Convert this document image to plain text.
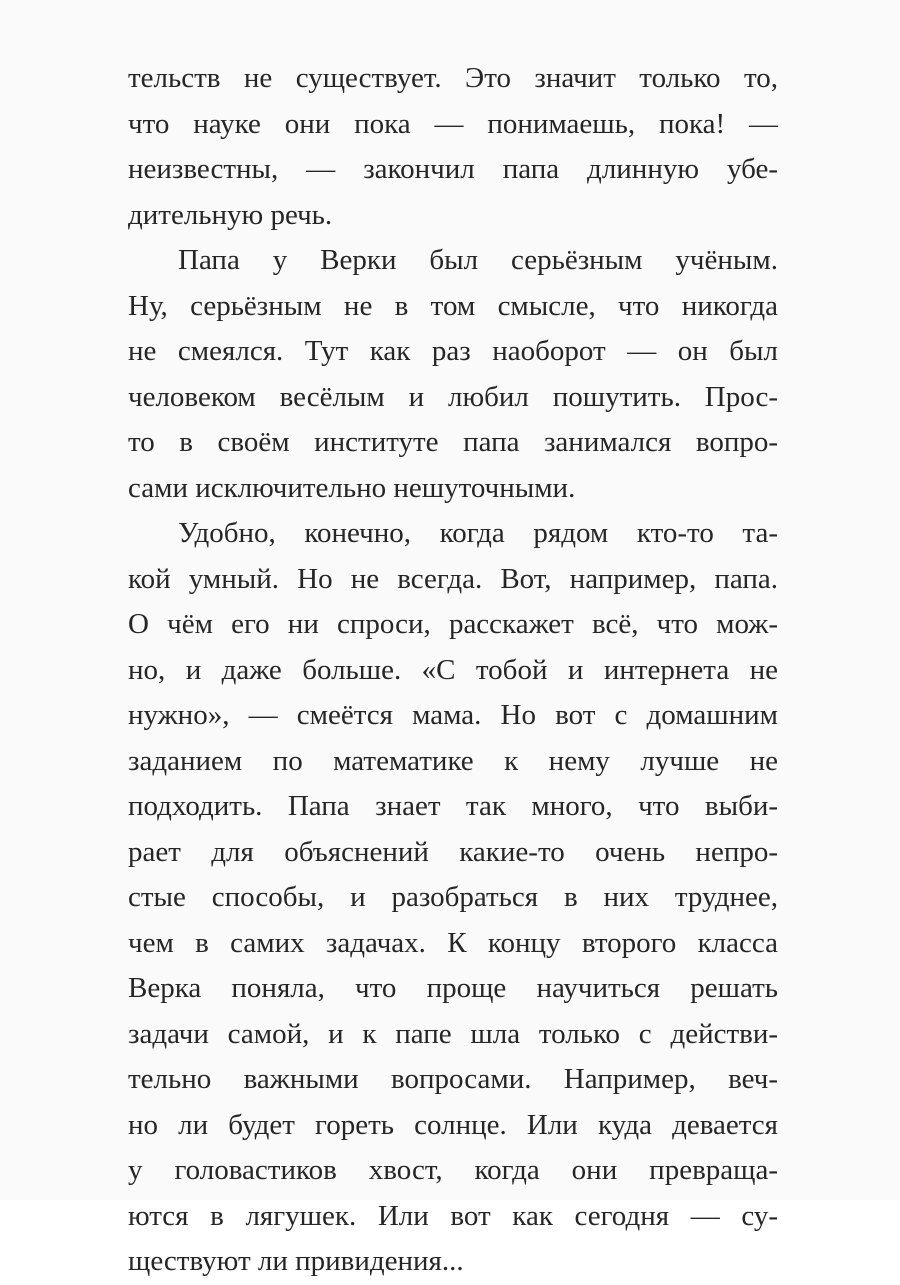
тельств не существует. Это значит только то,
что науке они пока — понимаешь, пока! —
неизвестны, — закончил папа длинную убе-
дительную речь.
Папа у Верки был серьёзным учёным.
Ну, серьёзным не в том смысле, что никогда
не смеялся. Тут как раз наоборот — он был
человеком весёлым и любил пошутить. Прос-
то в своём институте папа занимался вопро-
сами исключительно нешуточными.
Удобно, конечно, когда рядом кто-то та-
кой умный. Но не всегда. Вот, например, папа.
О чём его ни спроси, расскажет всё, что мож-
но, и даже больше. «С тобой и интернета не
нужно», — смеётся мама. Но вот с домашним
заданием по математике к нему лучше не
подходить. Папа знает так много, что выби-
рает для объяснений какие-то очень непро-
стые способы, и разобраться в них труднее,
чем в самих задачах. К концу второго класса
Верка поняла, что проще научиться решать
задачи самой, и к папе шла только с действи-
тельно важными вопросами. Например, веч-
но ли будет гореть солнце. Или куда девается
у головастиков хвост, когда они превраща-
ются в лягушек. Или вот как сегодня — су-
ществуют ли привидения...
